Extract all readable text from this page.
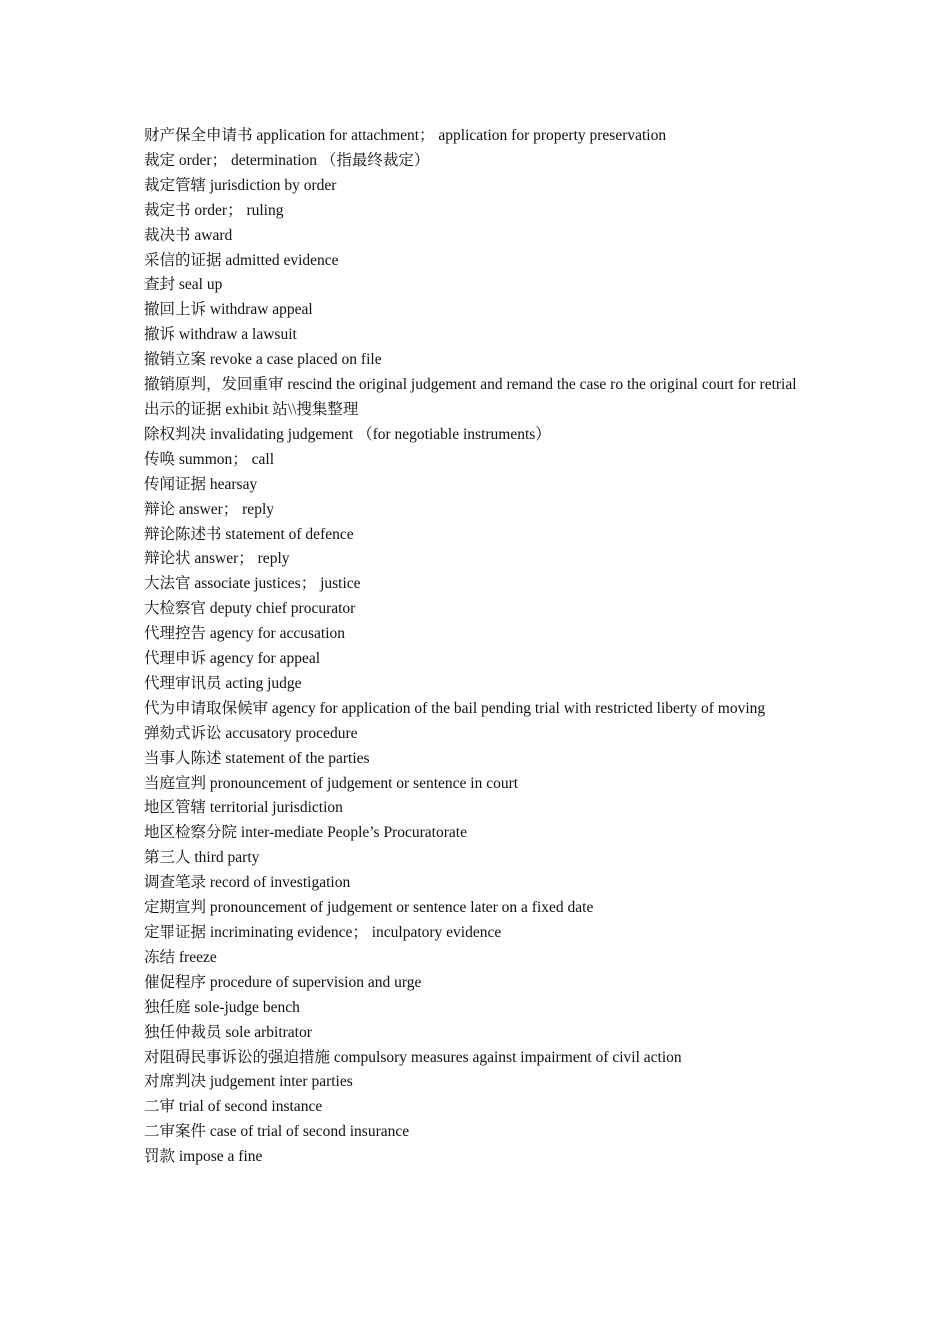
财产保全申请书 application for attachment； application for property preservation
裁定 order； determination （指最终裁定）
裁定管辖 jurisdiction by order
裁定书 order； ruling
裁决书 award
采信的证据 admitted evidence
查封 seal up
撤回上诉 withdraw appeal
撤诉 withdraw a lawsuit
撤销立案 revoke a case placed on file
撤销原判，发回重审 rescind the original judgement and remand the case ro the original court for retrial
出示的证据 exhibit 站\\搜集整理
除权判决 invalidating judgement （for negotiable instruments）
传唤 summon； call
传闻证据 hearsay
辩论 answer； reply
辩论陈述书 statement of defence
辩论状 answer； reply
大法官 associate justices； justice
大检察官 deputy chief procurator
代理控告 agency for accusation
代理申诉 agency for appeal
代理审讯员 acting judge
代为申请取保候审 agency for application of the bail pending trial with restricted liberty of moving
弹劾式诉讼 accusatory procedure
当事人陈述 statement of the parties
当庭宣判 pronouncement of judgement or sentence in court
地区管辖 territorial jurisdiction
地区检察分院 inter-mediate People’s Procuratorate
第三人 third party
调查笔录 record of investigation
定期宣判 pronouncement of judgement or sentence later on a fixed date
定罪证据 incriminating evidence； inculpatory evidence
冻结 freeze
催促程序 procedure of supervision and urge
独任庭 sole-judge bench
独任仲裁员 sole arbitrator
对阻碍民事诉讼的强迫措施 compulsory measures against impairment of civil action
对席判决 judgement inter parties
二审 trial of second instance
二审案件 case of trial of second insurance
罚款 impose a fine
